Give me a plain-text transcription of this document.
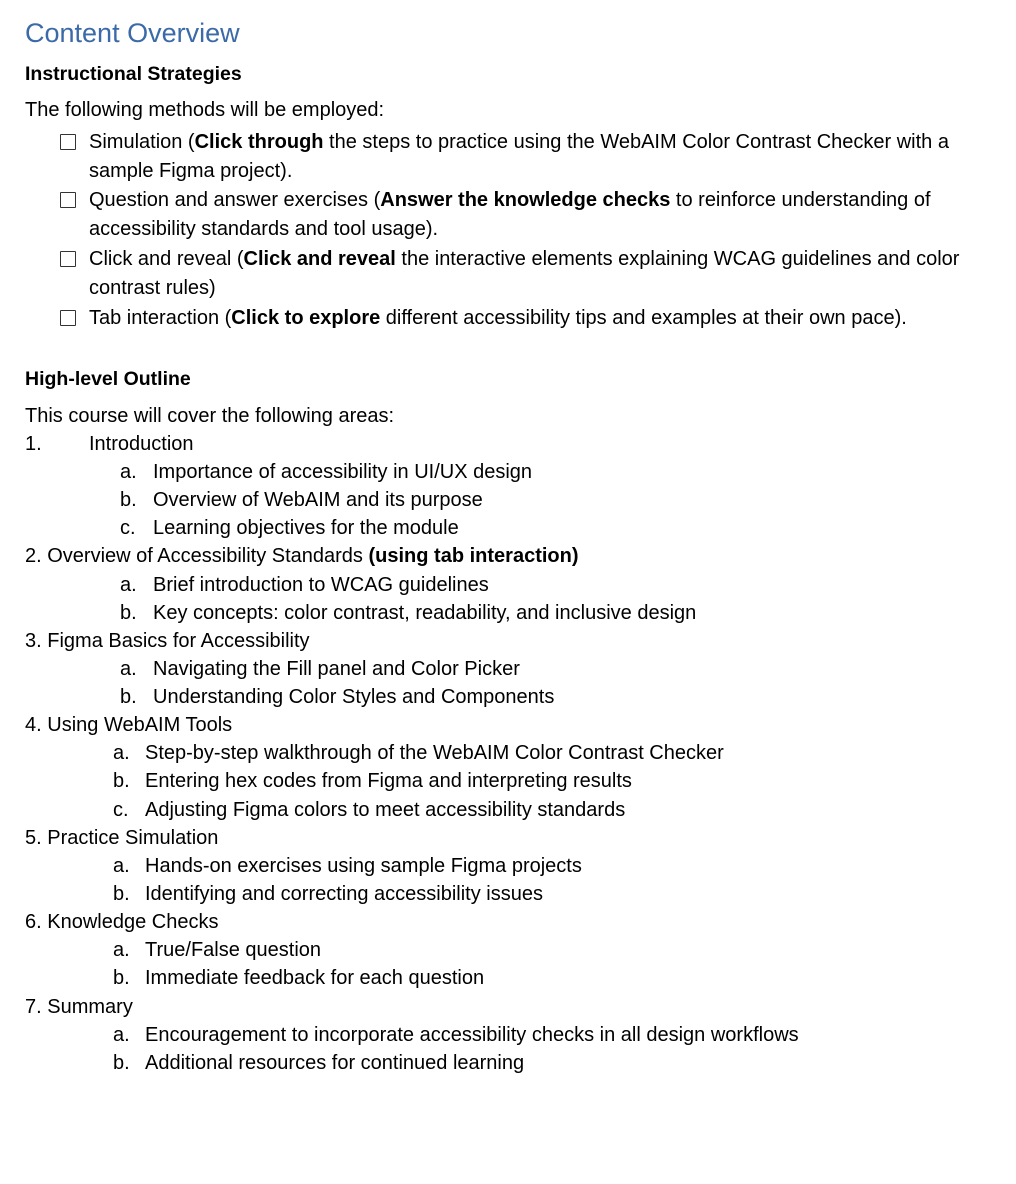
Content Overview
Instructional Strategies
The following methods will be employed:
Simulation (Click through the steps to practice using the WebAIM Color Contrast Checker with a sample Figma project).
Question and answer exercises (Answer the knowledge checks to reinforce understanding of accessibility standards and tool usage).
Click and reveal (Click and reveal the interactive elements explaining WCAG guidelines and color contrast rules)
Tab interaction (Click to explore different accessibility tips and examples at their own pace).
High-level Outline
This course will cover the following areas:
1. Introduction
a. Importance of accessibility in UI/UX design
b. Overview of WebAIM and its purpose
c. Learning objectives for the module
2. Overview of Accessibility Standards (using tab interaction)
a. Brief introduction to WCAG guidelines
b. Key concepts: color contrast, readability, and inclusive design
3. Figma Basics for Accessibility
a. Navigating the Fill panel and Color Picker
b. Understanding Color Styles and Components
4. Using WebAIM Tools
a. Step-by-step walkthrough of the WebAIM Color Contrast Checker
b. Entering hex codes from Figma and interpreting results
c. Adjusting Figma colors to meet accessibility standards
5. Practice Simulation
a. Hands-on exercises using sample Figma projects
b. Identifying and correcting accessibility issues
6. Knowledge Checks
a. True/False question
b. Immediate feedback for each question
7. Summary
a. Encouragement to incorporate accessibility checks in all design workflows
b. Additional resources for continued learning
